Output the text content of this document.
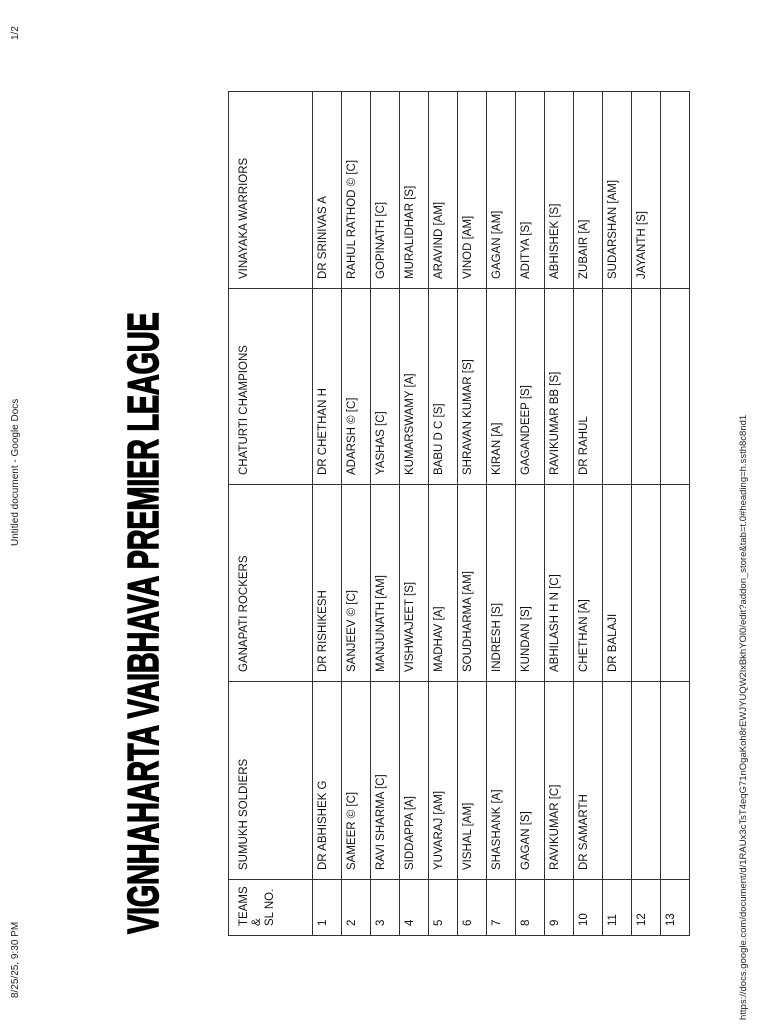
8/25/25, 9:30 PM
Untitled document - Google Docs
1/2
VIGNHAHARTA VAIBHAVA PREMIER LEAGUE	TEAMS
&
SL NO.	SUMUKH SOLDIERS	GANAPATI ROCKERS	CHATURTI CHAMPIONS	VINAYAKA WARRIORS
1	DR ABHISHEK G	DR RISHIKESH	DR CHETHAN H	DR SRINIVAS A
2	SAMEER © [C]	SANJEEV © [C]	ADARSH © [C]	RAHUL RATHOD © [C]
3	RAVI SHARMA [C]	MANJUNATH [AM]	YASHAS [C]	GOPINATH [C]
4	SIDDAPPA [A]	VISHWAJEET [S]	KUMARSWAMY [A]	MURALIDHAR [S]
5	YUVARAJ [AM]	MADHAV [A]	BABU D C [S]	ARAVIND [AM]
6	VISHAL [AM]	SOUDHARMA [AM]	SHRAVAN KUMAR [S]	VINOD [AM]
7	SHASHANK [A]	INDRESH [S]	KIRAN [A]	GAGAN [AM]
8	GAGAN [S]	KUNDAN [S]	GAGANDEEP [S]	ADITYA [S]
9	RAVIKUMAR [C]	ABHILASH H N [C]	RAVIKUMAR BB [S]	ABHISHEK [S]
10	DR SAMARTH	CHETHAN [A]	DR RAHUL	ZUBAIR [A]
11		DR BALAJI		SUDARSHAN [AM]
12				JAYANTH [S]
13					https://docs.google.com/document/d/1RAUx3cTsT4eqG71nOgaKoh8rEWJYUQW2lxBkhYOl0/edit?addon_store&tab=t.0#heading=h.ssth8c8nd1
